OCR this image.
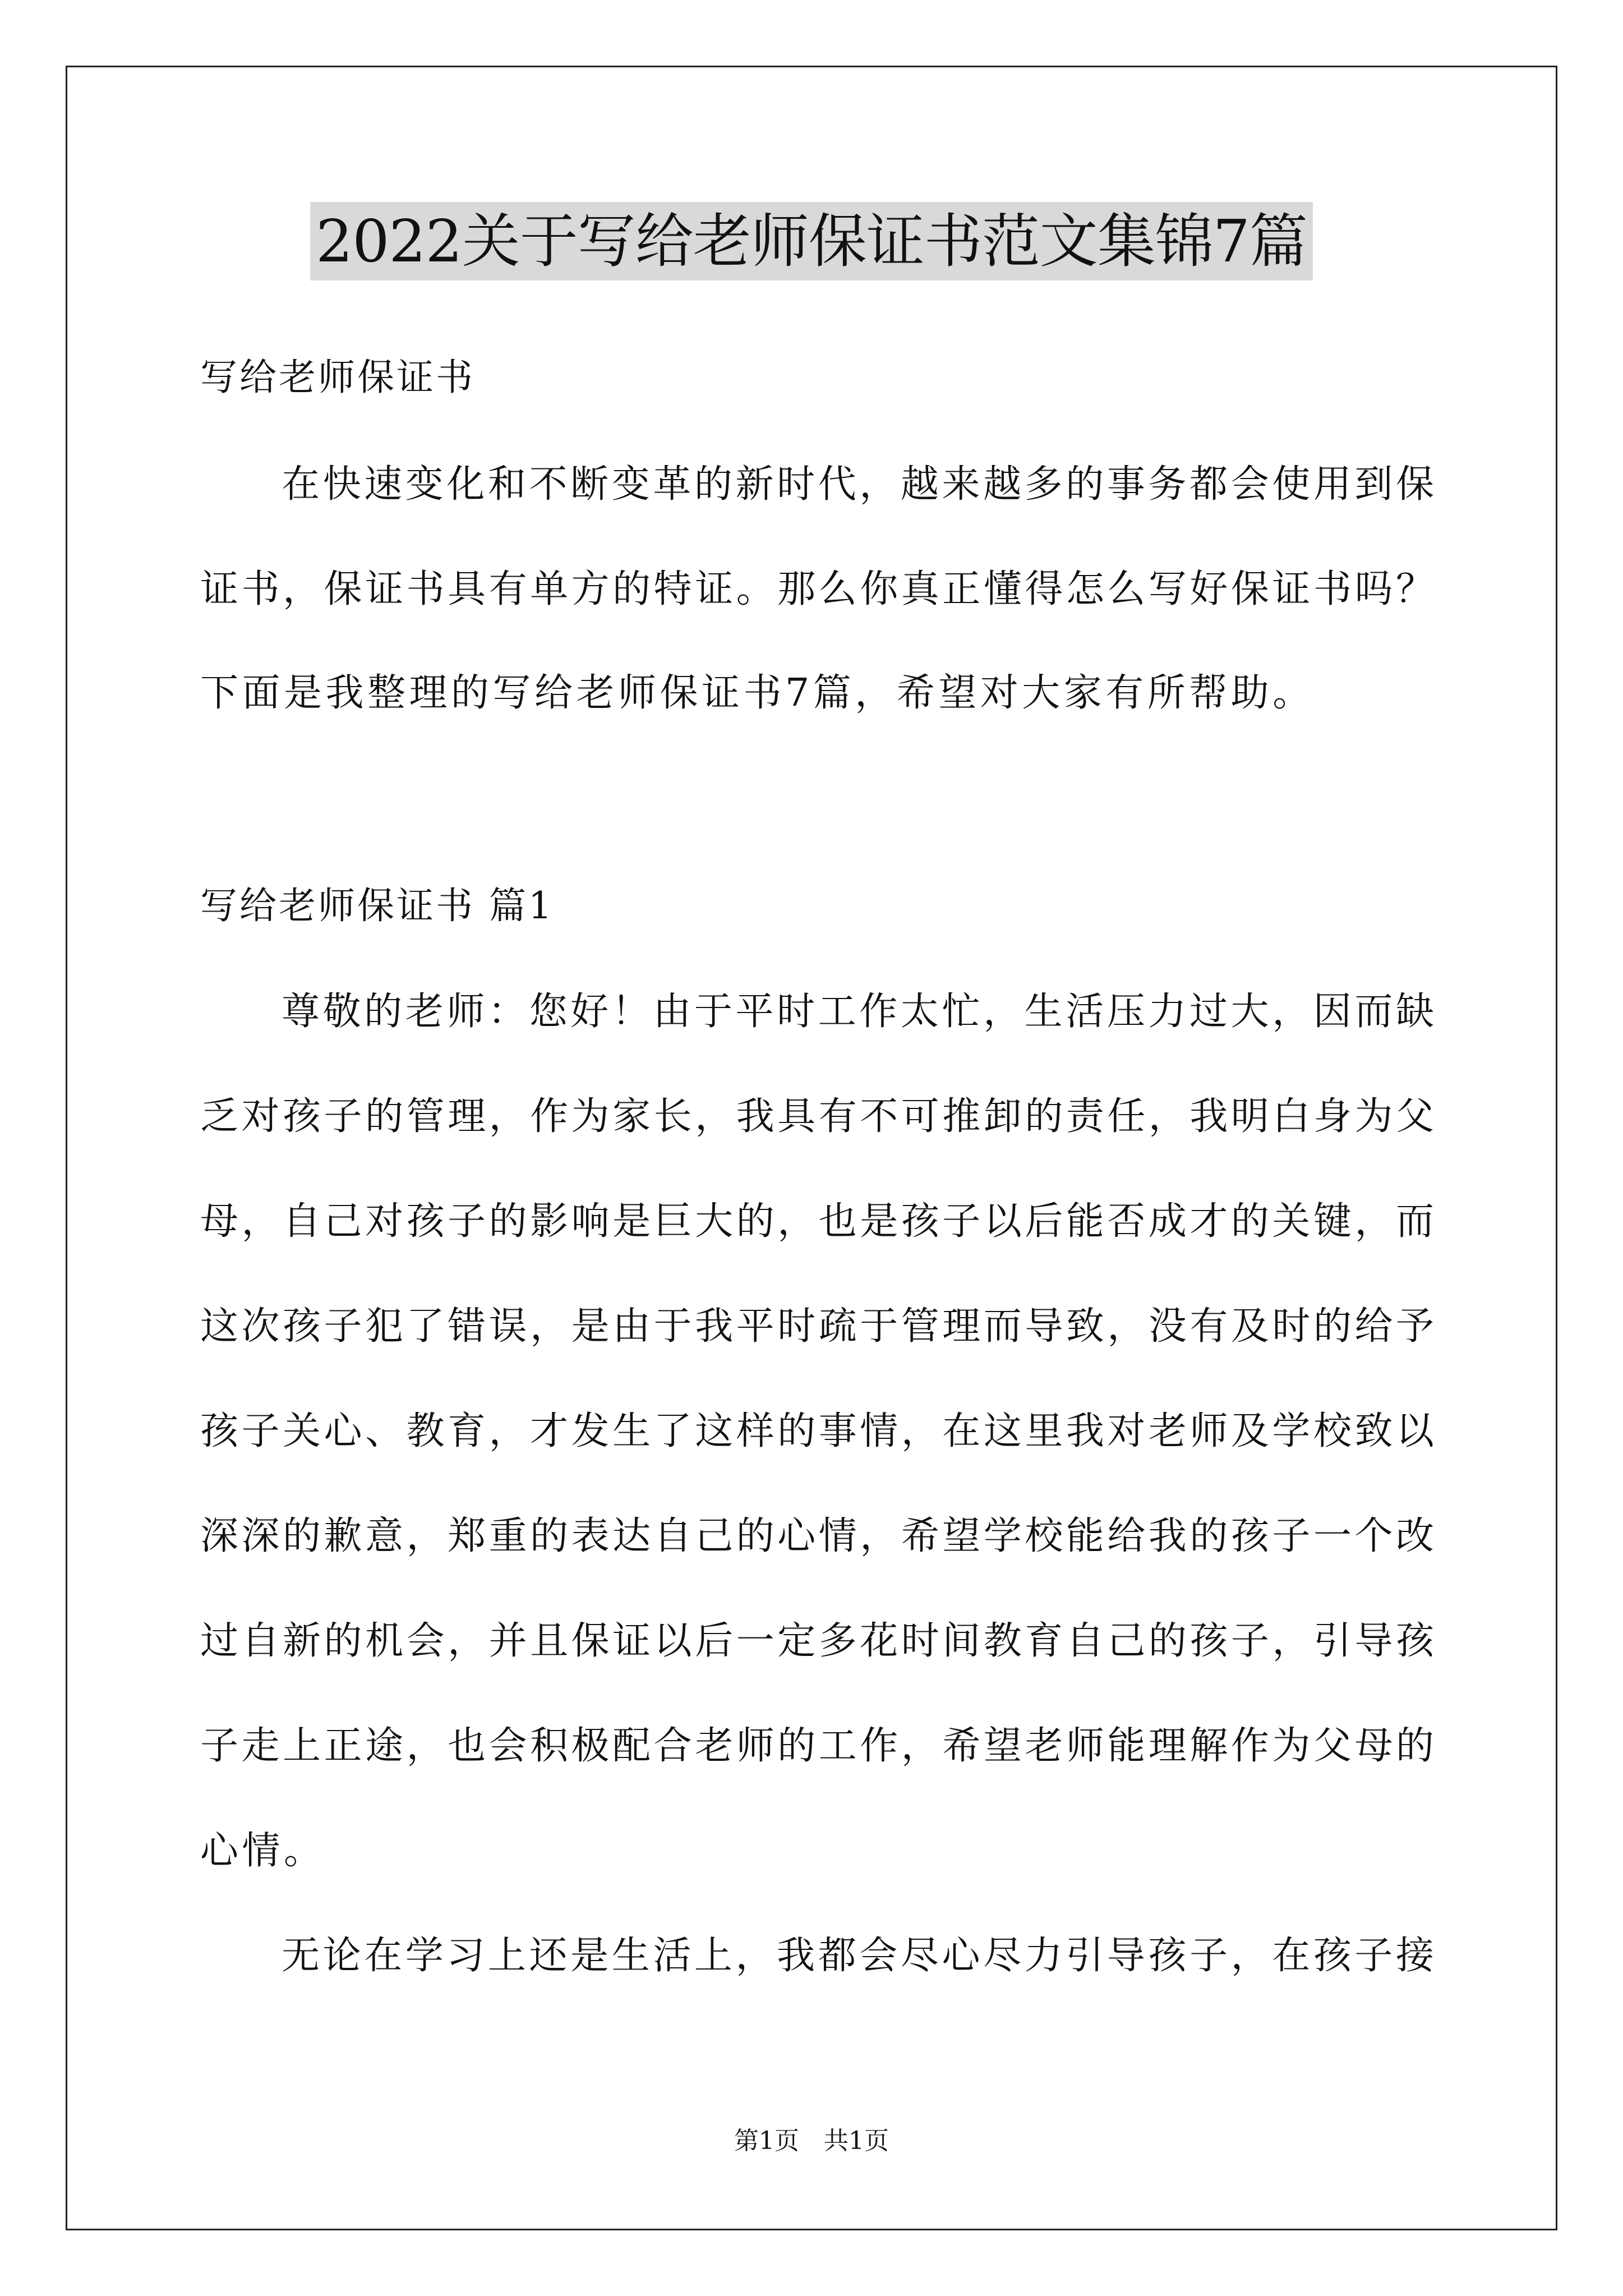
2022关于写给老师保证书范文集锦7篇
写给老师保证书
在快速变化和不断变革的新时代，越来越多的事务都会使用到保
证书，保证书具有单方的特证。那么你真正懂得怎么写好保证书吗？
下面是我整理的写给老师保证书7篇，希望对大家有所帮助。
写给老师保证书 篇1
尊敬的老师：您好！由于平时工作太忙，生活压力过大，因而缺
乏对孩子的管理，作为家长，我具有不可推卸的责任，我明白身为父
母，自己对孩子的影响是巨大的，也是孩子以后能否成才的关键，而
这次孩子犯了错误，是由于我平时疏于管理而导致，没有及时的给予
孩子关心、教育，才发生了这样的事情，在这里我对老师及学校致以
深深的歉意，郑重的表达自己的心情，希望学校能给我的孩子一个改
过自新的机会，并且保证以后一定多花时间教育自己的孩子，引导孩
子走上正途，也会积极配合老师的工作，希望老师能理解作为父母的
心情。
无论在学习上还是生活上，我都会尽心尽力引导孩子，在孩子接
第1页　共1页
